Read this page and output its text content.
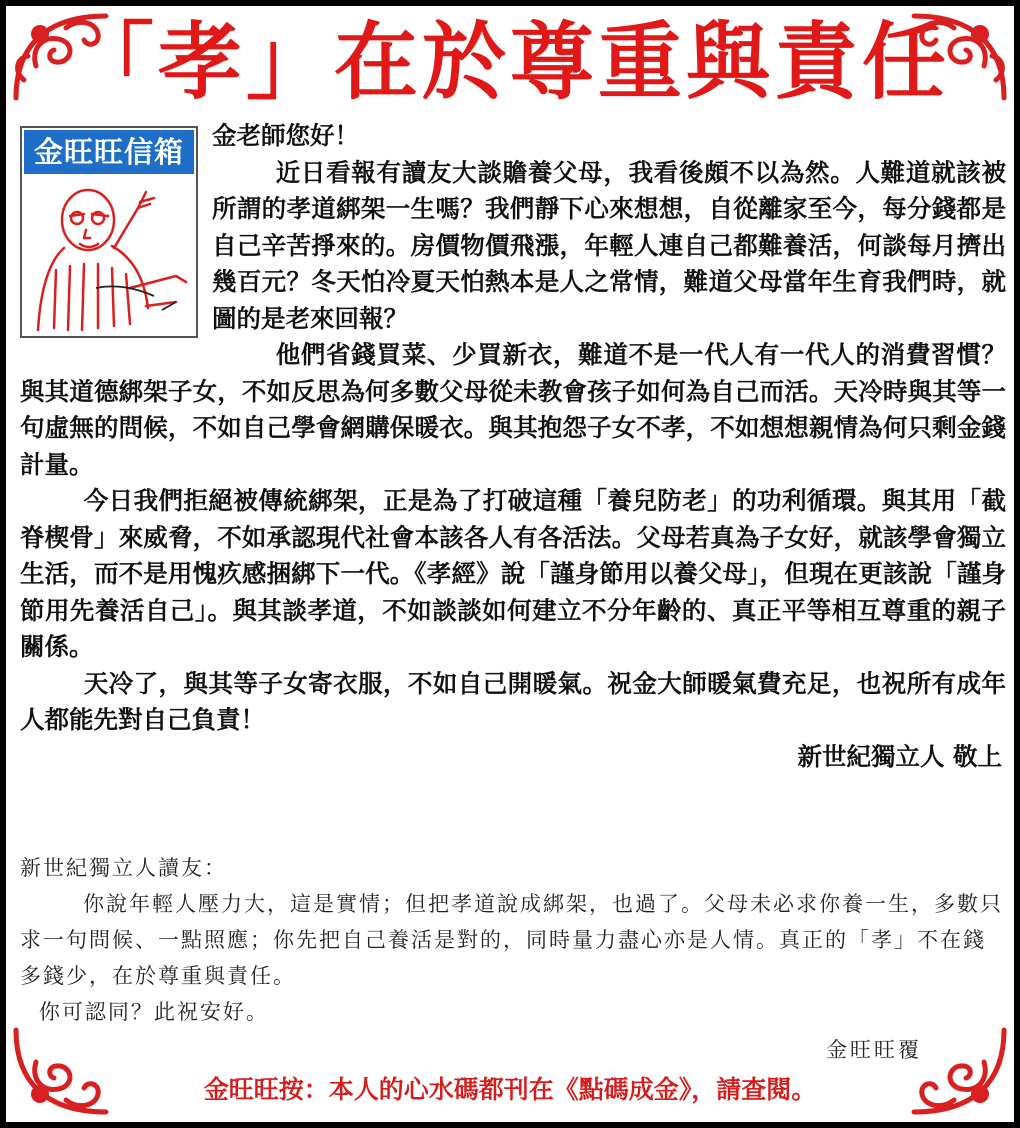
「孝」在於尊重與責任
金旺旺信箱	金老師您好！

近日看報有讀友大談贍養父母，我看後頗不以為然。人難道就該被所謂的孝道綁架一生嗎？我們靜下心來想想，自從離家至今，每分錢都是自己辛苦掙來的。房價物價飛漲，年輕人連自己都難養活，何談每月擠出幾百元？冬天怕冷夏天怕熱本是人之常情，難道父母當年生育我們時，就圖的是老來回報？

他們省錢買菜、少買新衣，難道不是一代人有一代人的消費習慣？與其道德綁架子女，不如反思為何多數父母從未教會孩子如何為自己而活。天冷時與其等一句虛無的問候，不如自己學會網購保暖衣。與其抱怨子女不孝，不如想想親情為何只剩金錢計量。

今日我們拒絕被傳統綁架，正是為了打破這種「養兒防老」的功利循環。與其用「截脊楔骨」來威脅，不如承認現代社會本該各人有各活法。父母若真為子女好，就該學會獨立生活，而不是用愧疚感捆綁下一代。《孝經》說「謹身節用以養父母」，但現在更該說「謹身節用先養活自己」。與其談孝道，不如談談如何建立不分年齡的、真正平等相互尊重的親子關係。

天冷了，與其等子女寄衣服，不如自己開暖氣。祝金大師暖氣費充足，也祝所有成年人都能先對自己負責！

新世紀獨立人 敬上

新世紀獨立人讀友：

你說年輕人壓力大，這是實情；但把孝道說成綁架，也過了。父母未必求你養一生，多數只求一句問候、一點照應；你先把自己養活是對的，同時量力盡心亦是人情。真正的「孝」不在錢多錢少，在於尊重與責任。

你可認同？此祝安好。

金旺旺覆
金旺旺按：本人的心水碼都刊在《點碼成金》，請查閱。
